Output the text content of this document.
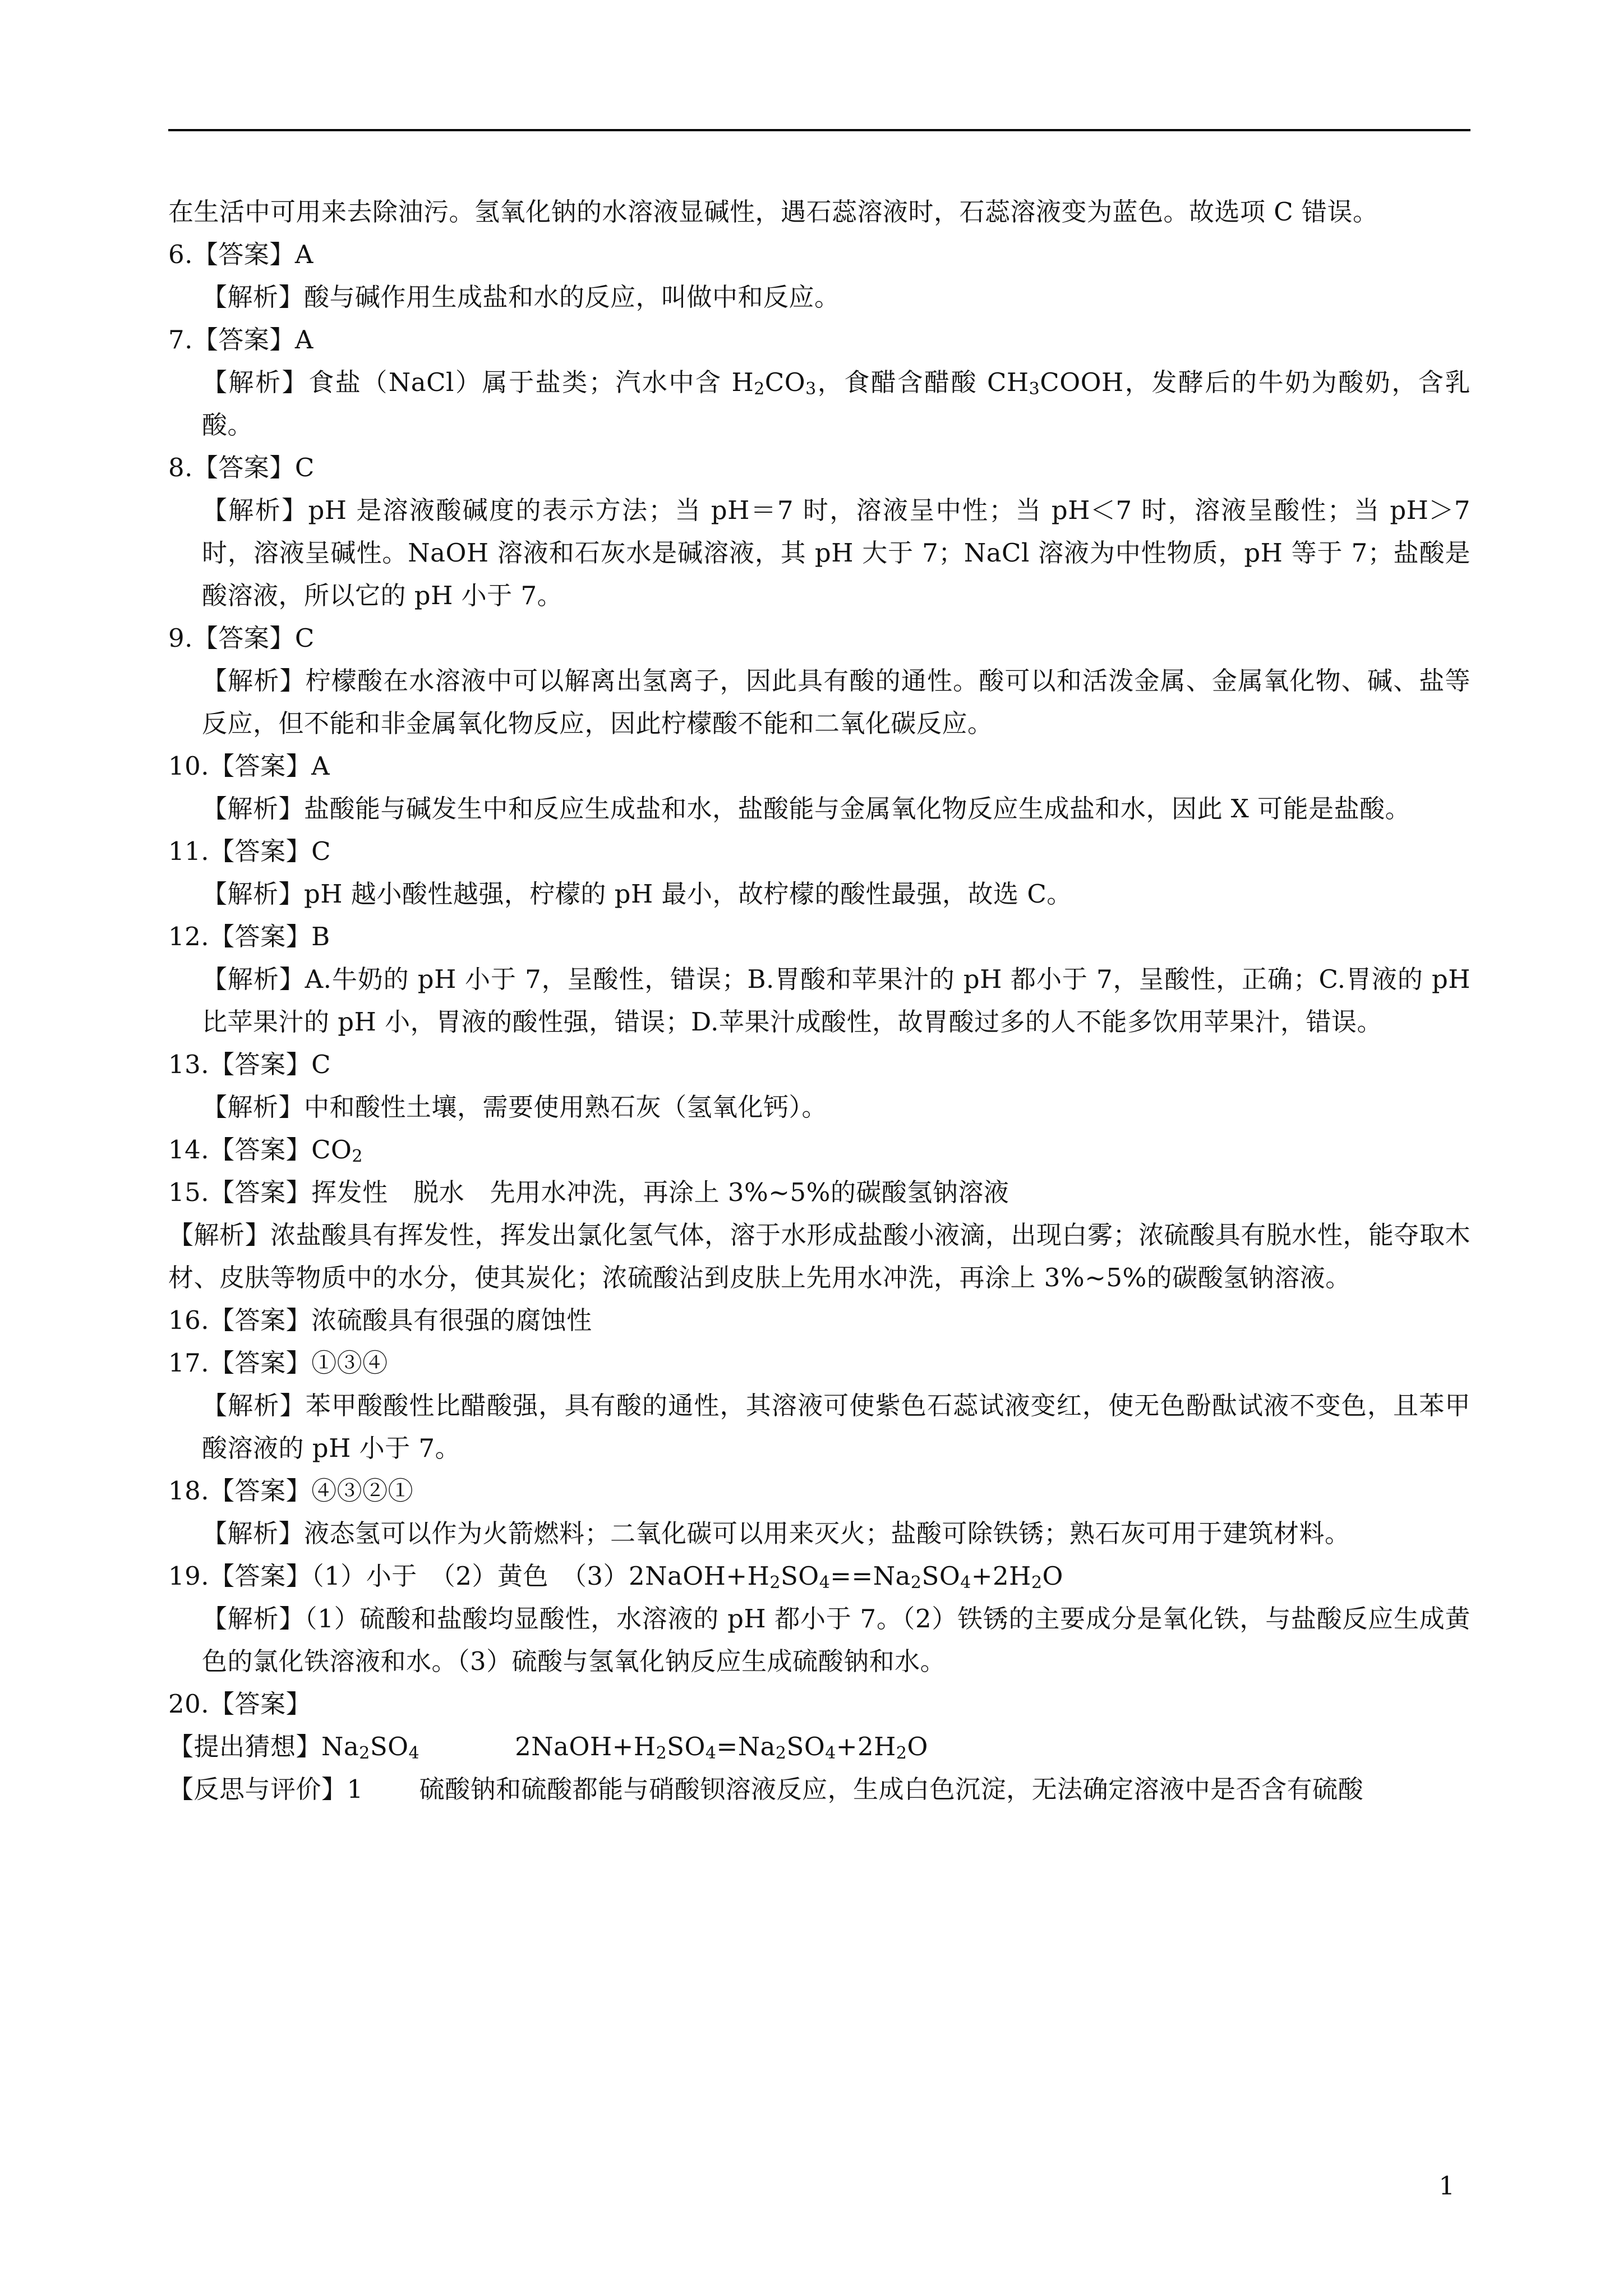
在生活中可用来去除油污。氢氧化钠的水溶液显碱性，遇石蕊溶液时，石蕊溶液变为蓝色。故选项 C 错误。

6.【答案】A

【解析】酸与碱作用生成盐和水的反应，叫做中和反应。

7.【答案】A

【解析】食盐（NaCl）属于盐类；汽水中含 $H_2CO_3$，食醋含醋酸 $CH_3COOH$，发酵后的牛奶为酸奶，含乳酸。

8.【答案】C

【解析】pH 是溶液酸碱度的表示方法；当 pH＝7 时，溶液呈中性；当 pH＜7 时，溶液呈酸性；当 pH＞7 时，溶液呈碱性。NaOH 溶液和石灰水是碱溶液，其 pH 大于 7；NaCl 溶液为中性物质，pH 等于 7；盐酸是酸溶液，所以它的 pH 小于 7。

9.【答案】C

【解析】柠檬酸在水溶液中可以解离出氢离子，因此具有酸的通性。酸可以和活泼金属、金属氧化物、碱、盐等反应，但不能和非金属氧化物反应，因此柠檬酸不能和二氧化碳反应。

10.【答案】A

【解析】盐酸能与碱发生中和反应生成盐和水，盐酸能与金属氧化物反应生成盐和水，因此 X 可能是盐酸。

11.【答案】C

【解析】pH 越小酸性越强，柠檬的 pH 最小，故柠檬的酸性最强，故选 C。

12.【答案】B

【解析】A.牛奶的 pH 小于 7，呈酸性，错误；B.胃酸和苹果汁的 pH 都小于 7，呈酸性，正确；C.胃液的 pH 比苹果汁的 pH 小，胃液的酸性强，错误；D.苹果汁成酸性，故胃酸过多的人不能多饮用苹果汁，错误。

13.【答案】C

【解析】中和酸性土壤，需要使用熟石灰（氢氧化钙）。

14.【答案】$CO_2$

15.【答案】挥发性　脱水　先用水冲洗，再涂上 3%~5%的碳酸氢钠溶液

【解析】浓盐酸具有挥发性，挥发出氯化氢气体，溶于水形成盐酸小液滴，出现白雾；浓硫酸具有脱水性，能夺取木材、皮肤等物质中的水分，使其炭化；浓硫酸沾到皮肤上先用水冲洗，再涂上 3%~5%的碳酸氢钠溶液。

16.【答案】浓硫酸具有很强的腐蚀性

17.【答案】①③④

【解析】苯甲酸酸性比醋酸强，具有酸的通性，其溶液可使紫色石蕊试液变红，使无色酚酞试液不变色，且苯甲酸溶液的 pH 小于 7。

18.【答案】④③②①

【解析】液态氢可以作为火箭燃料；二氧化碳可以用来灭火；盐酸可除铁锈；熟石灰可用于建筑材料。

19.【答案】（1）小于　（2）黄色　$(3)2NaOH+H_2SO_4==Na_2SO_4+2H_2O$

【解析】（1）硫酸和盐酸均显酸性，水溶液的 pH 都小于 7。（2）铁锈的主要成分是氧化铁，与盐酸反应生成黄色的氯化铁溶液和水。（3）硫酸与氢氧化钠反应生成硫酸钠和水。

20.【答案】

【提出猜想】$Na_2SO_4$	$2NaOH+H_2SO_4=Na_2SO_4+2H_2O$

【反思与评价】1 硫酸钠和硫酸都能与硝酸钡溶液反应，生成白色沉淀，无法确定溶液中是否含有硫酸

1
